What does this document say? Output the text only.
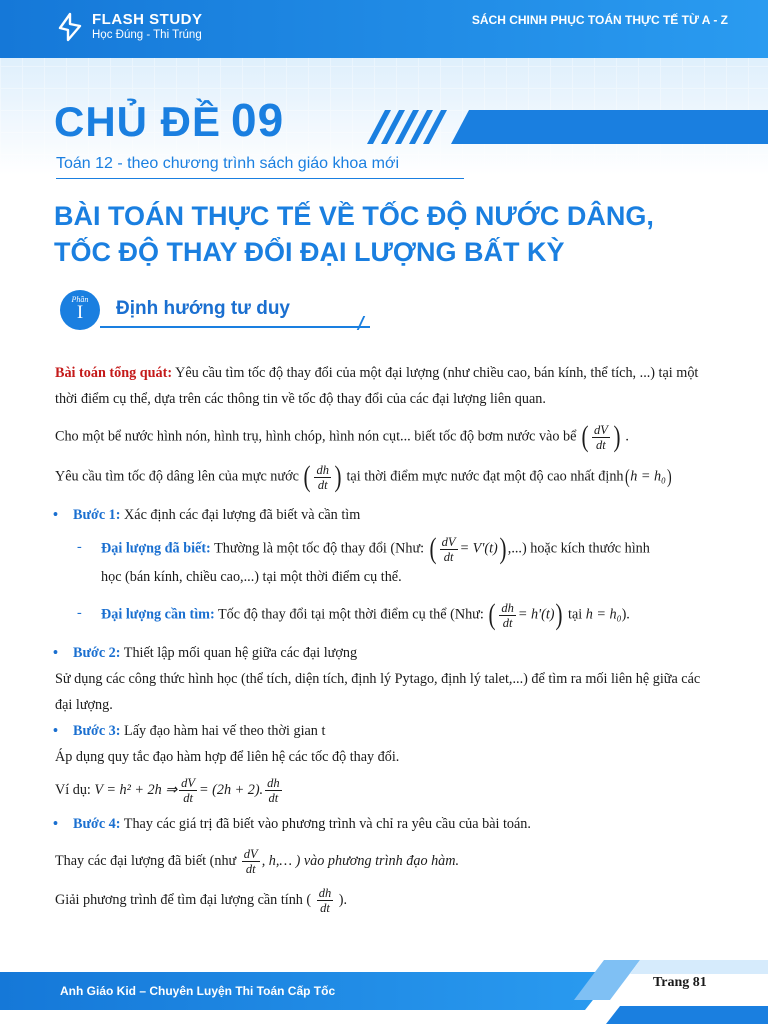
FLASH STUDY
Học Đúng - Thi Trúng
SÁCH CHINH PHỤC TOÁN THỰC TẾ TỪ A - Z
CHỦ ĐỀ 09
Toán 12 - theo chương trình sách giáo khoa mới
BÀI TOÁN THỰC TẾ VỀ TỐC ĐỘ NƯỚC DÂNG,
TỐC ĐỘ THAY ĐỔI ĐẠI LƯỢNG BẤT KỲ
Phần
I	Định hướng tư duy

Bài toán tổng quát: Yêu cầu tìm tốc độ thay đổi của một đại lượng (như chiều cao, bán kính, thể tích, ...) tại một thời điểm cụ thể, dựa trên các thông tin về tốc độ thay đổi của các đại lượng liên quan.

Cho một bể nước hình nón, hình trụ, hình chóp, hình nón cụt... biết tốc độ bơm nước vào bể ( $\frac{dV}{dt}$ ) .

Yêu cầu tìm tốc độ dâng lên của mực nước ( $\frac{dh}{dt}$ ) tại thời điểm mực nước đạt một độ cao nhất định(h = h₀)

• Bước 1: Xác định các đại lượng đã biết và cần tìm

- Đại lượng đã biết: Thường là một tốc độ thay đổi (Như: ( $\frac{dV}{dt} = V'(t)$) ,...) hoặc kích thước hình

học (bán kính, chiều cao,...) tại một thời điểm cụ thể.

- Đại lượng cần tìm: Tốc độ thay đổi tại một thời điểm cụ thể (Như: ( $\frac{dh}{dt} = h'(t)$) tại h = h₀).

• Bước 2: Thiết lập mối quan hệ giữa các đại lượng

Sử dụng các công thức hình học (thể tích, diện tích, định lý Pytago, định lý talet,...) để tìm ra mối liên hệ giữa các đại lượng.

• Bước 3: Lấy đạo hàm hai vế theo thời gian t

Áp dụng quy tắc đạo hàm hợp để liên hệ các tốc độ thay đổi.

Ví dụ: V = h² + 2h ⇒ $\frac{dV}{dt} = (2h + 2)$. $\frac{dh}{dt}$

• Bước 4: Thay các giá trị đã biết vào phương trình và chỉ ra yêu cầu của bài toán.

Thay các đại lượng đã biết (như $\frac{dV}{dt}$ , h,… ) vào phương trình đạo hàm.

Giải phương trình để tìm đại lượng cần tính ( $\frac{dh}{dt}$ ).

Anh Giáo Kid – Chuyên Luyện Thi Toán Cấp Tốc
Trang 81
